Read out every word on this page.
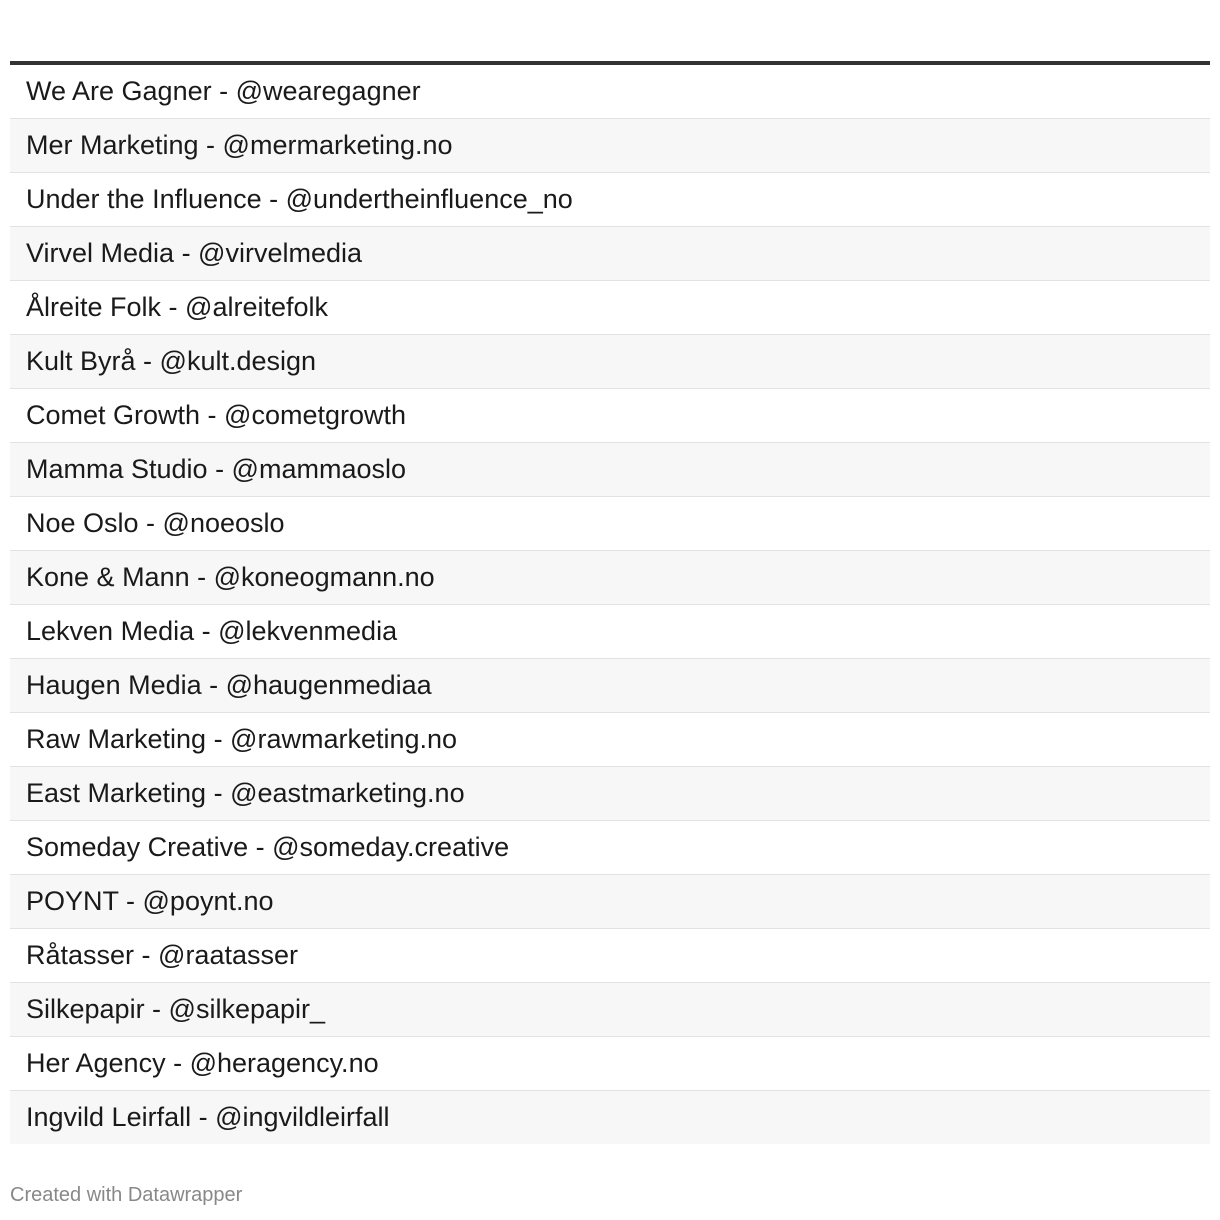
We Are Gagner - @wearegagner
Mer Marketing - @mermarketing.no
Under the Influence - @undertheinfluence_no
Virvel Media - @virvelmedia
Ålreite Folk - @alreitefolk
Kult Byrå - @kult.design
Comet Growth - @cometgrowth
Mamma Studio - @mammaoslo
Noe Oslo - @noeoslo
Kone & Mann - @koneogmann.no
Lekven Media - @lekvenmedia
Haugen Media - @haugenmediaa
Raw Marketing - @rawmarketing.no
East Marketing - @eastmarketing.no
Someday Creative - @someday.creative
POYNT - @poynt.no
Råtasser - @raatasser
Silkepapir - @silkepapir_
Her Agency - @heragency.no
Ingvild Leirfall - @ingvildleirfall
Created with Datawrapper
